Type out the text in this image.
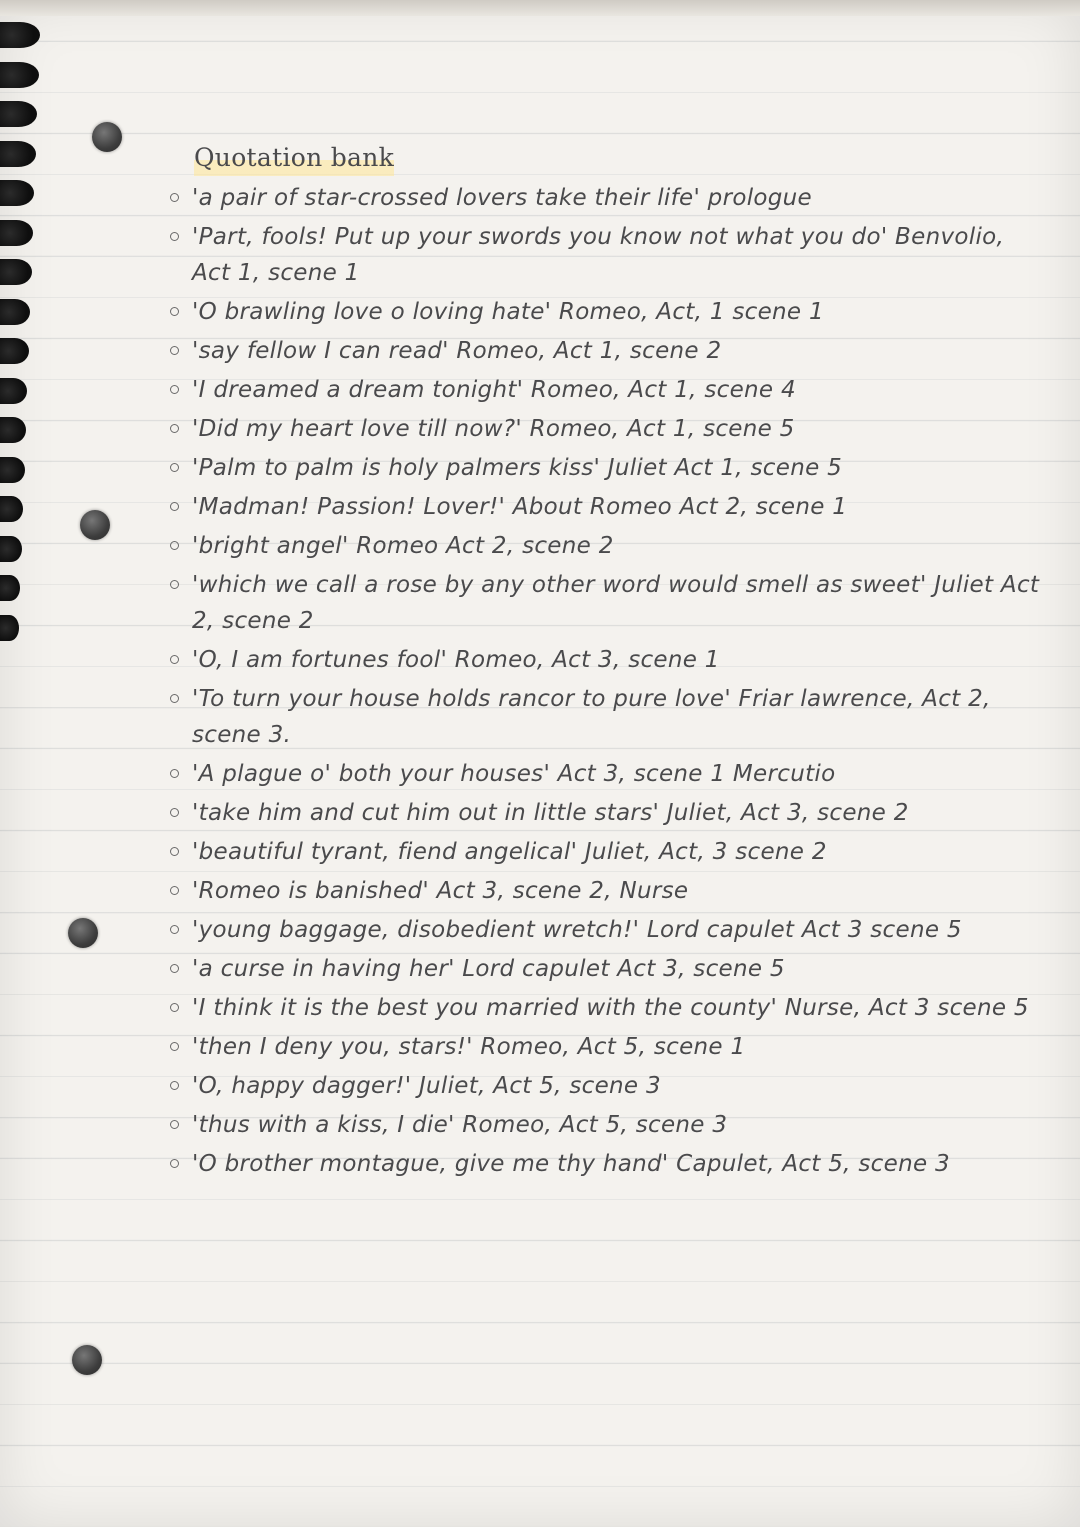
Quotation bank
'a pair of star-crossed lovers take their life' prologue
'Part, fools! Put up your swords you know not what you do' Benvolio, Act 1, scene 1
'O brawling love o loving hate' Romeo, Act, 1 scene 1
'say fellow I can read' Romeo, Act 1, scene 2
'I dreamed a dream tonight' Romeo, Act 1, scene 4
'Did my heart love till now?' Romeo, Act 1, scene 5
'Palm to palm is holy palmers kiss' Juliet Act 1, scene 5
'Madman! Passion! Lover!' About Romeo Act 2, scene 1
'bright angel' Romeo Act 2, scene 2
'which we call a rose by any other word would smell as sweet' Juliet Act 2, scene 2
'O, I am fortunes fool' Romeo, Act 3, scene 1
'To turn your house holds rancor to pure love' Friar lawrence, Act 2, scene 3.
'A plague o' both your houses' Act 3, scene 1 Mercutio
'take him and cut him out in little stars' Juliet, Act 3, scene 2
'beautiful tyrant, fiend angelical' Juliet, Act, 3 scene 2
'Romeo is banished' Act 3, scene 2, Nurse
'young baggage, disobedient wretch!' Lord capulet Act 3 scene 5
'a curse in having her' Lord capulet Act 3, scene 5
'I think it is the best you married with the county' Nurse, Act 3 scene 5
'then I deny you, stars!' Romeo, Act 5, scene 1
'O, happy dagger!' Juliet, Act 5, scene 3
'thus with a kiss, I die' Romeo, Act 5, scene 3
'O brother montague, give me thy hand' Capulet, Act 5, scene 3
